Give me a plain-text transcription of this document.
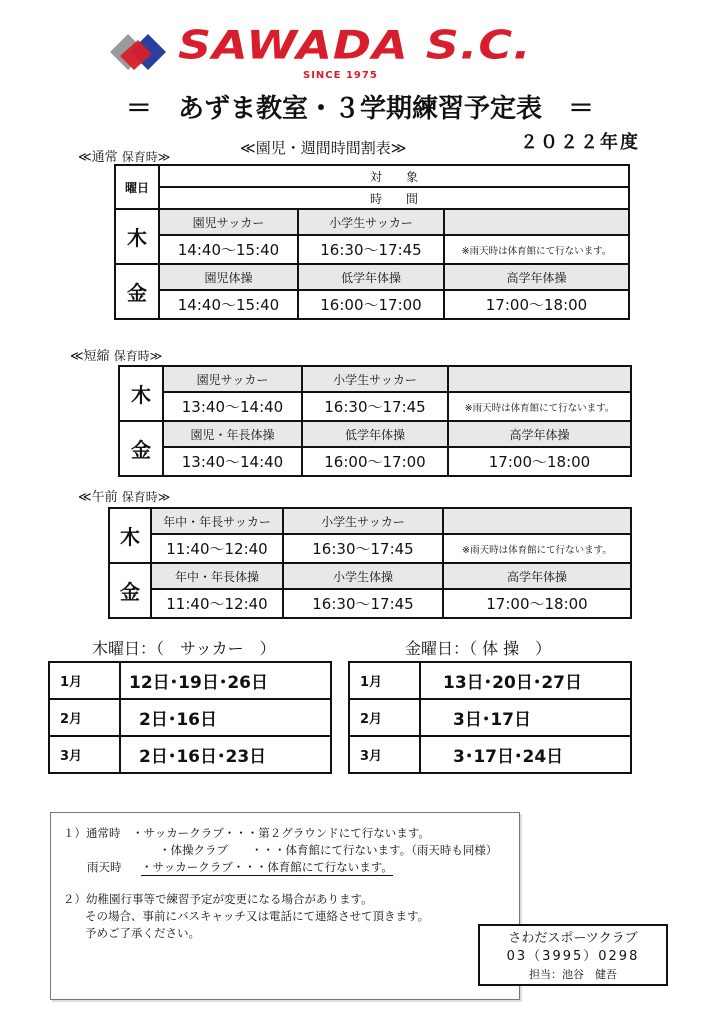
SAWADA S.C.
SINCE 1975
＝ あずま教室・３学期練習予定表 ＝
２０２２年度
≪通常 保育時≫	≪園児・週間時間割表≫
曜日	対　　象		
	時　　間		
木	園児サッカー	小学生サッカー	
	14:40～15:40	16:30～17:45	※雨天時は体育館にて行ないます。
金	園児体操	低学年体操	高学年体操
	14:40～15:40	16:00～17:00	17:00～18:00
≪短縮 保育時≫
木	園児サッカー	小学生サッカー	
	13:40～14:40	16:30～17:45	※雨天時は体育館にて行ないます。
金	園児・年長体操	低学年体操	高学年体操
	13:40～14:40	16:00～17:00	17:00～18:00
≪午前 保育時≫
木	年中・年長サッカー	小学生サッカー	
	11:40～12:40	16:30～17:45	※雨天時は体育館にて行ないます。
金	年中・年長体操	小学生体操	高学年体操
	11:40～12:40	16:30～17:45	17:00～18:00
木曜日：（　サッカー　）	金曜日：（ 体 操　）
1月	12日･19日･26日
2月	2日･16日
3月	2日･16日･23日
1月	13日･20日･27日
2月	3日･17日
3月	3･17日･24日
１）通常時　・サッカークラブ・・・第２グラウンドにて行ないます。
・体操クラブ　　・・・体育館にて行ないます。（雨天時も同様）
雨天時 ・サッカークラブ・・・体育館にて行ないます。
２）幼稚園行事等で練習予定が変更になる場合があります。
その場合、事前にバスキャッチ又は電話にて連絡させて頂きます。
予めご了承ください。	さわだスポーツクラブ
03（3995）0298
担当：池谷　健吾
